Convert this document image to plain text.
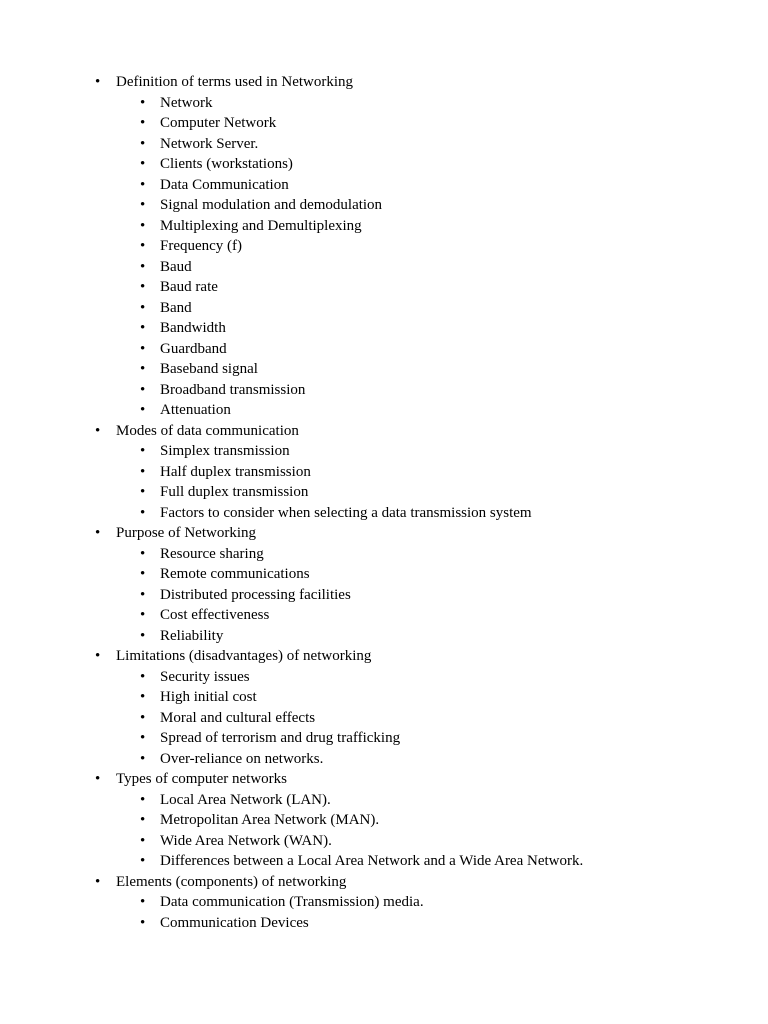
• Definition of terms used in Networking
• Network
• Computer Network
• Network Server.
• Clients (workstations)
• Data Communication
• Signal modulation and demodulation
• Multiplexing and Demultiplexing
• Frequency (f)
• Baud
• Baud rate
• Band
• Bandwidth
• Guardband
• Baseband signal
• Broadband transmission
• Attenuation
• Modes of data communication
• Simplex transmission
• Half duplex transmission
• Full duplex transmission
• Factors to consider when selecting a data transmission system
• Purpose of Networking
• Resource sharing
• Remote communications
• Distributed processing facilities
• Cost effectiveness
• Reliability
• Limitations (disadvantages) of networking
• Security issues
• High initial cost
• Moral and cultural effects
• Spread of terrorism and drug trafficking
• Over-reliance on networks.
• Types of computer networks
• Local Area Network (LAN).
• Metropolitan Area Network (MAN).
• Wide Area Network (WAN).
• Differences between a Local Area Network and a Wide Area Network.
• Elements (components) of networking
• Data communication (Transmission) media.
• Communication Devices
